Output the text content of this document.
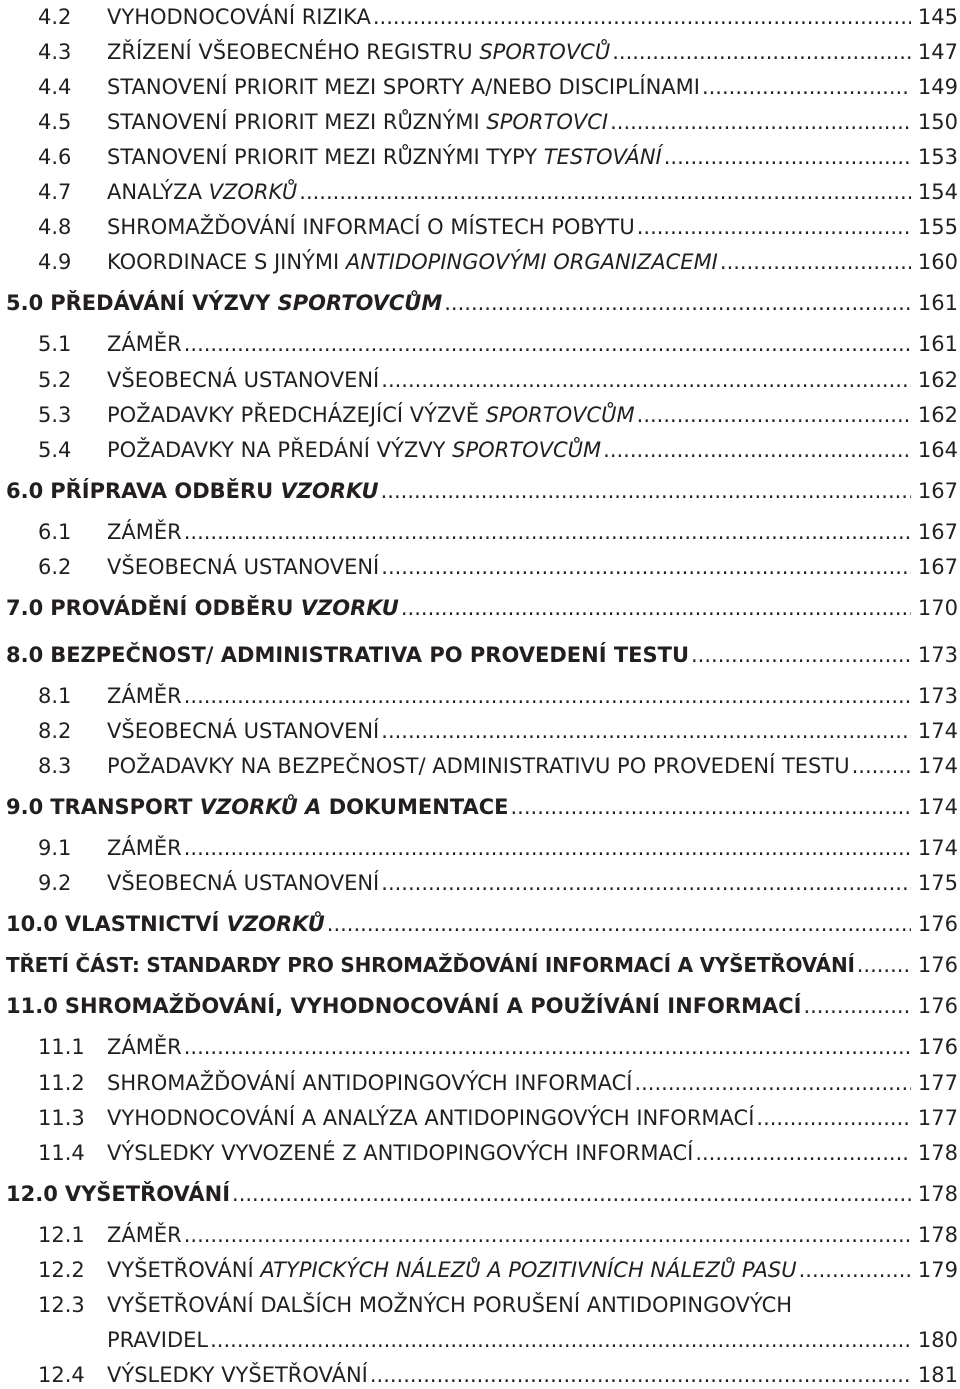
4.2	VYHODNOCOVÁNÍ RIZIKA .....	145
4.3	ZŘÍZENÍ VŠEOBECNÉHO REGISTRU SPORTOVCŮ .....	147
4.4	STANOVENÍ PRIORIT MEZI SPORTY A/NEBO DISCIPLÍNAMI .....	149
4.5	STANOVENÍ PRIORIT MEZI RŮZNÝMI SPORTOVCI .....	150
4.6	STANOVENÍ PRIORIT MEZI RŮZNÝMI TYPY TESTOVÁNÍ .....	153
4.7	ANALÝZA VZORKŮ .....	154
4.8	SHROMAŽĎOVÁNÍ INFORMACÍ O MÍSTECH POBYTU .....	155
4.9	KOORDINACE S JINÝMI ANTIDOPINGOVÝMI ORGANIZACEMI .....	160
5.0 PŘEDÁVÁNÍ VÝZVY SPORTOVCŮM .....	161
5.1	ZÁMĚR .....	161
5.2	VŠEOBECNÁ USTANOVENÍ .....	162
5.3	POŽADAVKY PŘEDCHÁZEJÍCÍ VÝZVĚ SPORTOVCŮM .....	162
5.4	POŽADAVKY NA PŘEDÁNÍ VÝZVY SPORTOVCŮM .....	164
6.0 PŘÍPRAVA ODBĚRU VZORKU .....	167
6.1	ZÁMĚR .....	167
6.2	VŠEOBECNÁ USTANOVENÍ .....	167
7.0 PROVÁDĚNÍ ODBĚRU VZORKU .....	170
8.0 BEZPEČNOST/ ADMINISTRATIVA PO PROVEDENÍ TESTU .....	173
8.1	ZÁMĚR .....	173
8.2	VŠEOBECNÁ USTANOVENÍ .....	174
8.3	POŽADAVKY NA BEZPEČNOST/ ADMINISTRATIVU PO PROVEDENÍ TESTU .....	174
9.0 TRANSPORT VZORKŮ A DOKUMENTACE .....	174
9.1	ZÁMĚR .....	174
9.2	VŠEOBECNÁ USTANOVENÍ .....	175
10.0 VLASTNICTVÍ VZORKŮ .....	176
TŘETÍ ČÁST: STANDARDY PRO SHROMAŽĎOVÁNÍ INFORMACÍ A VYŠETŘOVÁNÍ .....	176
11.0 SHROMAŽĎOVÁNÍ, VYHODNOCOVÁNÍ A POUŽÍVÁNÍ INFORMACÍ .....	176
11.1	ZÁMĚR .....	176
11.2	SHROMAŽĎOVÁNÍ ANTIDOPINGOVÝCH INFORMACÍ .....	177
11.3	VYHODNOCOVÁNÍ A ANALÝZA ANTIDOPINGOVÝCH INFORMACÍ .....	177
11.4	VÝSLEDKY VYVOZENÉ Z ANTIDOPINGOVÝCH INFORMACÍ .....	178
12.0 VYŠETŘOVÁNÍ .....	178
12.1	ZÁMĚR .....	178
12.2	VYŠETŘOVÁNÍ ATYPICKÝCH NÁLEZŮ A POZITIVNÍCH NÁLEZŮ PASU .....	179
12.3	VYŠETŘOVÁNÍ DALŠÍCH MOŽNÝCH PORUŠENÍ ANTIDOPINGOVÝCH
PRAVIDEL .....	180
12.4	VÝSLEDKY VYŠETŘOVÁNÍ .....	181
